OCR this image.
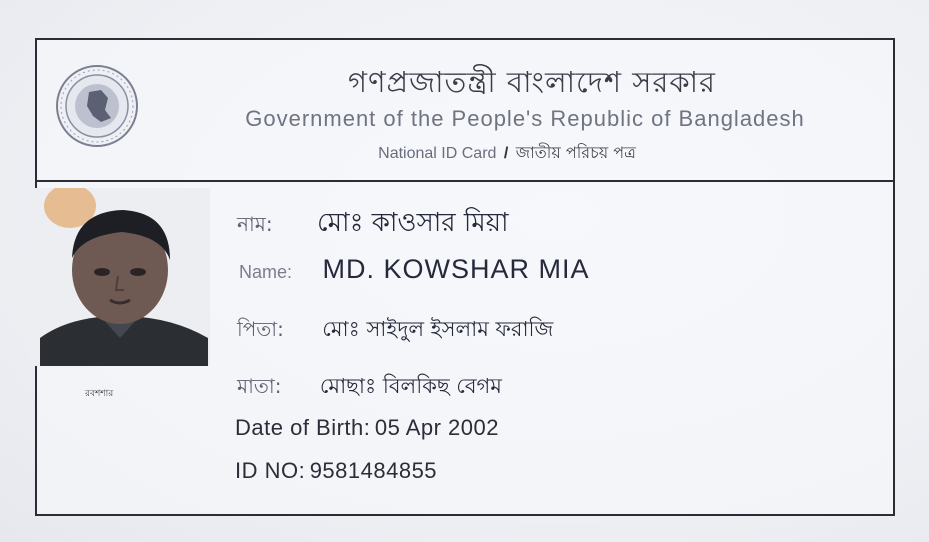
গণপ্রজাতন্ত্রী বাংলাদেশ সরকার
Government of the People's Republic of Bangladesh
National ID Card / জাতীয় পরিচয় পত্র
রবশশার
নাম: মোঃ কাওসার মিয়া
Name: MD. KOWSHAR MIA
পিতা: মোঃ সাইদুল ইসলাম ফরাজি
মাতা: মোছাঃ বিলকিছ বেগম
Date of Birth: 05 Apr 2002
ID NO: 9581484855
